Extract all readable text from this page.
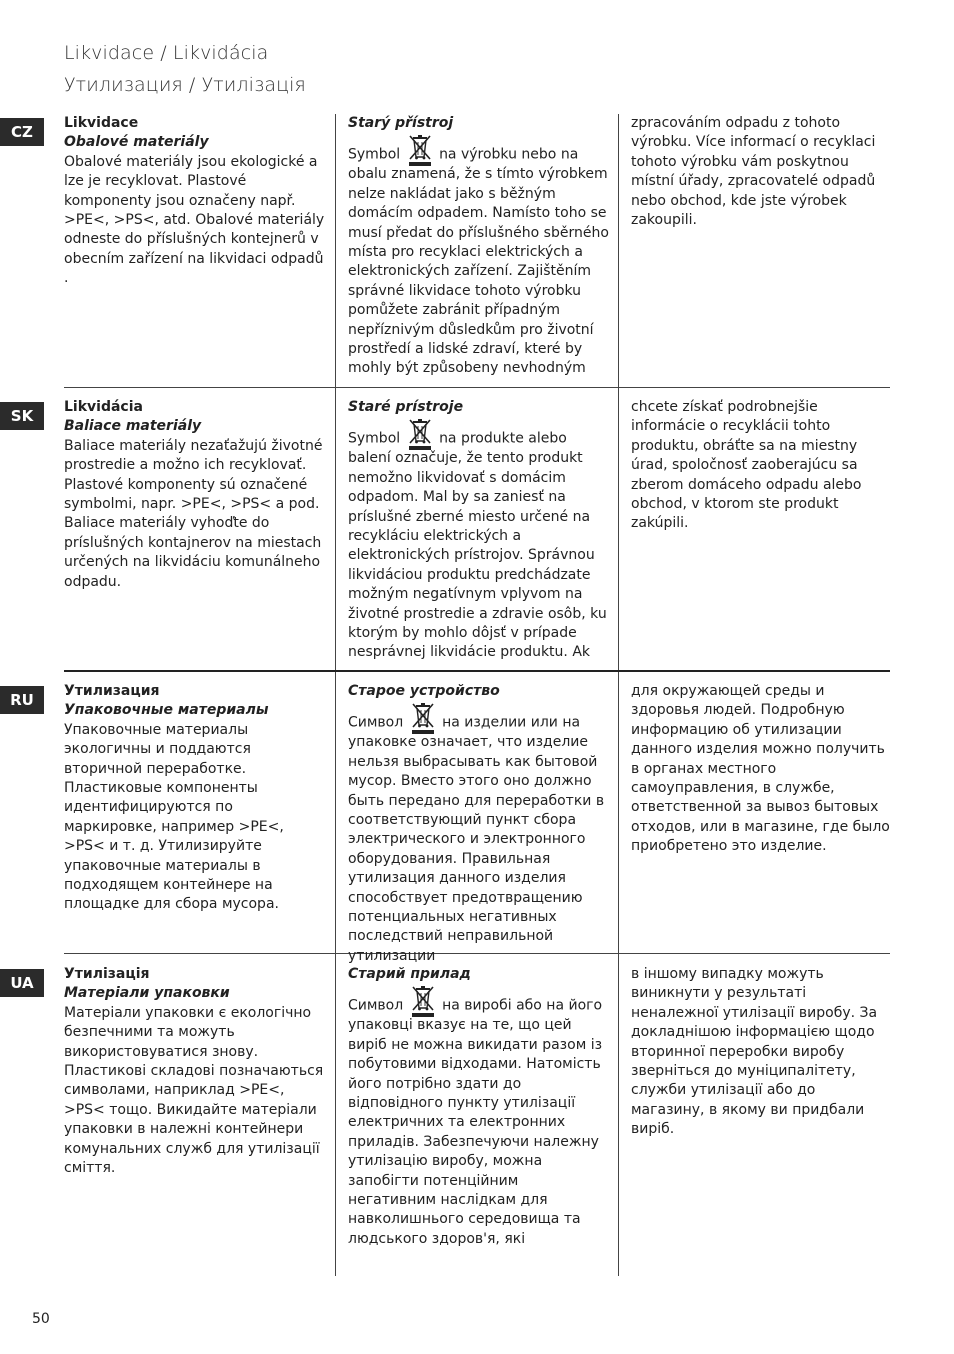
Likvidace / Likvidácia
Утилизация / Утилізація
CZ
SK
RU
UA
Likvidace
Obalové materiály
Obalové materiály jsou ekologické a lze je recyklovat. Plastové komponenty jsou označeny např. >PE<, >PS<, atd. Obalové materiály odneste do příslušných kontejnerů v obecním zařízení na likvidaci odpadů .
Starý přístroj
Symbol	na výrobku nebo na obalu znamená, že s tímto výrobkem nelze nakládat jako s běžným domácím odpadem. Namísto toho se musí předat do příslušného sběrného místa pro recyklaci elektrických a elektronických zařízení. Zajištěním správné likvidace tohoto výrobku pomůžete zabránit případným nepříznivým důsledkům pro životní prostředí a lidské zdraví, které by mohly být způsobeny nevhodným
zpracováním odpadu z tohoto výrobku. Více informací o recyklaci tohoto výrobku vám poskytnou místní úřady, zpracovatelé odpadů nebo obchod, kde jste výrobek zakoupili.
Likvidácia
Baliace materiály
Baliace materiály nezaťažujú životné prostredie a možno ich recyklovať. Plastové komponenty sú označené symbolmi, napr. >PE<, >PS< a pod. Baliace materiály vyhoďte do príslušných kontajnerov na miestach určených na likvidáciu komunálneho odpadu.
Staré prístroje
Symbol	na produkte alebo balení označuje, že tento produkt nemožno likvidovať s domácim odpadom. Mal by sa zaniesť na príslušné zberné miesto určené na recykláciu elektrických a elektronických prístrojov. Správnou likvidáciou produktu predchádzate možným negatívnym vplyvom na životné prostredie a zdravie osôb, ku ktorým by mohlo dôjsť v prípade nesprávnej likvidácie produktu. Ak
chcete získať podrobnejšie informácie o recyklácii tohto produktu, obráťte sa na miestny úrad, spoločnosť zaoberajúcu sa zberom domáceho odpadu alebo obchod, v ktorom ste produkt zakúpili.
Утилизация
Упаковочные материалы
Упаковочные материалы экологичны и поддаются вторичной переработке. Пластиковые компоненты идентифицируются по маркировке, например >PE<, >PS< и т. д. Утилизируйте упаковочные материалы в подходящем контейнере на площадке для сбора мусора.
Старое устройство
Символ	на изделии или на упаковке означает, что изделие нельзя выбрасывать как бытовой мусор. Вместо этого оно должно быть передано для переработки в соответствующий пункт сбора электрического и электронного оборудования. Правильная утилизация данного изделия способствует предотвращению потенциальных негативных последствий неправильной утилизации
для окружающей среды и здоровья людей. Подробную информацию об утилизации данного изделия можно получить в органах местного самоуправления, в службе, ответственной за вывоз бытовых отходов, или в магазине, где было приобретено это изделие.
Утилізація
Матеріали упаковки
Матеріали упаковки є екологічно безпечними та можуть використовуватися знову. Пластикові складові позначаються символами, наприклад >PE<, >PS< тощо. Викидайте матеріали упаковки в належні контейнери комунальних служб для утилізації сміття.
Старий прилад
Символ	на виробі або на його упаковці вказує на те, що цей виріб не можна викидати разом із побутовими відходами. Натомість його потрібно здати до відповідного пункту утилізації електричних та електронних приладів. Забезпечуючи належну утилізацію виробу, можна запобігти потенційним негативним наслідкам для навколишнього середовища та людського здоров'я, які
в іншому випадку можуть виникнути у результаті неналежної утилізації виробу. За докладнішою інформацією щодо вторинної переробки виробу зверніться до муніципалітету, служби утилізації або до магазину, в якому ви придбали виріб.
50
